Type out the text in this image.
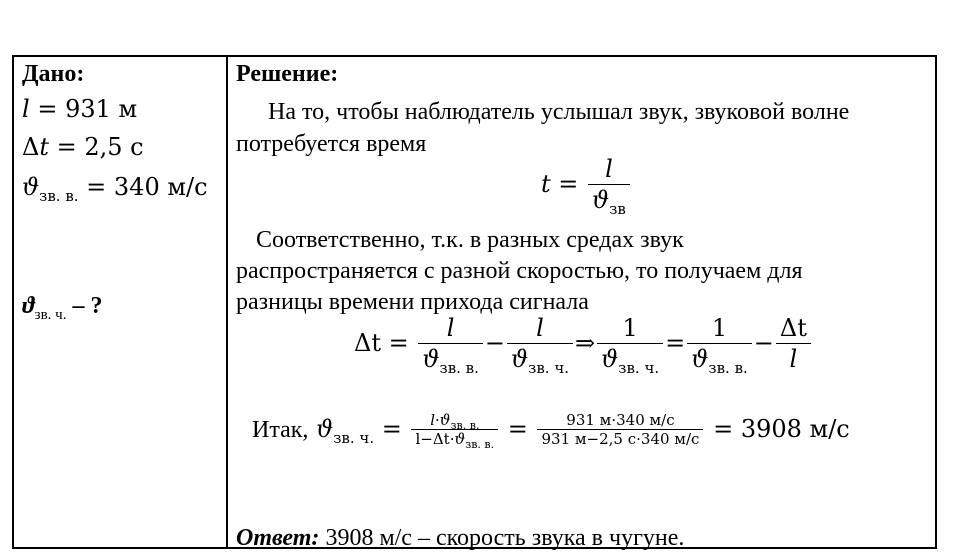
Дано:
l = 931 м
Δt = 2,5 с
$ϑ_{зв. в.} = 340$ м/с
$ϑ_{зв. ч.}$ – ?
Решение:
На то, чтобы наблюдатель услышал звук, звуковой волне
потребуется время
$t = \frac{l}{ϑ_{зв}}$
Соответственно, т.к. в разных средах звук
распространяется с разной скоростью, то получаем для
разницы времени прихода сигнала
$\Delta t = \frac{l}{ϑ_{зв. в.}} - \frac{l}{ϑ_{зв. ч.}}$ ⇒ $\frac{1}{ϑ_{зв. ч.}} = \frac{1}{ϑ_{зв. в.}} - \frac{\Delta t}{l}$
Итак, $ϑ_{зв. ч.} = \frac{l\cdot ϑ_{зв. в.}}{l-\Delta t\cdot ϑ_{зв. в.}} = \frac{931 м\cdot 340 м/с}{931 м-2,5 с\cdot 340 м/с} = 3908$ м/с
Ответ: 3908 м/с – скорость звука в чугуне.
